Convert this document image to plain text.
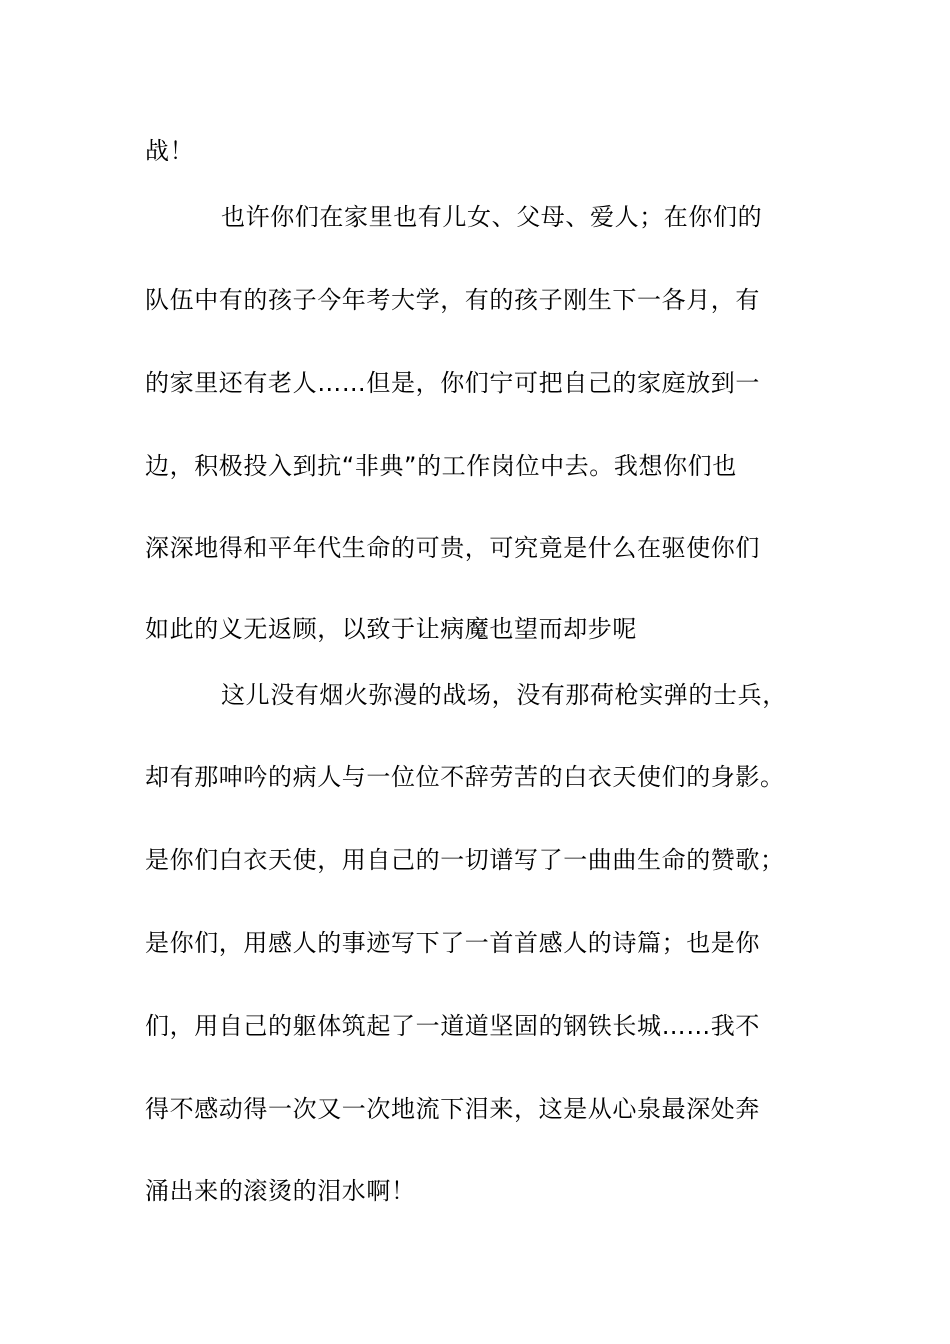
战！
也许你们在家里也有儿女、父母、爱人；在你们的
队伍中有的孩子今年考大学，有的孩子刚生下一各月，有
的家里还有老人……但是，你们宁可把自己的家庭放到一
边，积极投入到抗“非典”的工作岗位中去。我想你们也
深深地得和平年代生命的可贵，可究竟是什么在驱使你们
如此的义无返顾，以致于让病魔也望而却步呢
这儿没有烟火弥漫的战场，没有那荷枪实弹的士兵，
却有那呻吟的病人与一位位不辞劳苦的白衣天使们的身影。
是你们白衣天使，用自己的一切谱写了一曲曲生命的赞歌；
是你们，用感人的事迹写下了一首首感人的诗篇；也是你
们，用自己的躯体筑起了一道道坚固的钢铁长城……我不
得不感动得一次又一次地流下泪来，这是从心泉最深处奔
涌出来的滚烫的泪水啊！
